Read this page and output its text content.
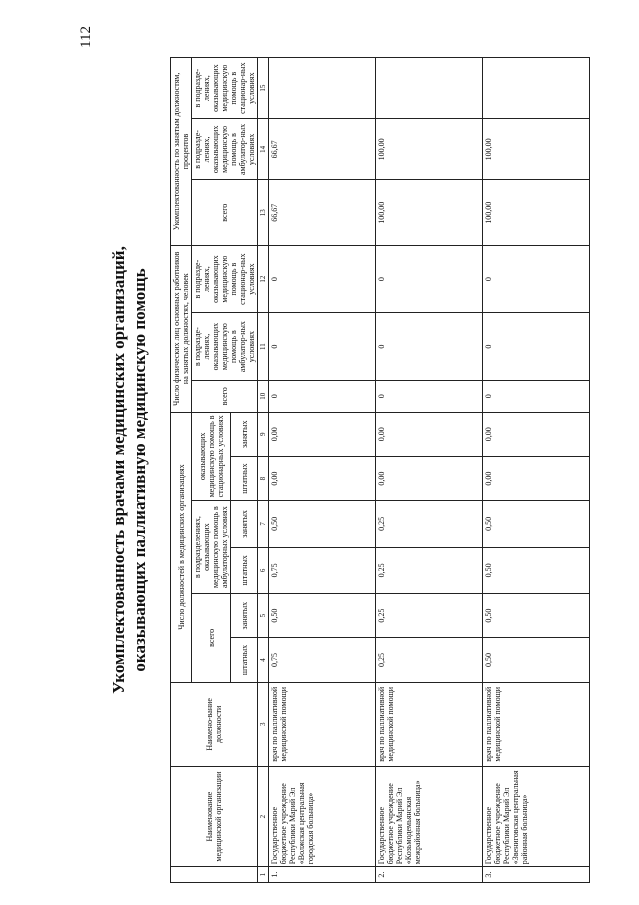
112
Укомплектованность врачами медицинских организаций, оказывающих паллиативную медицинскую помощь
	Наименование медицинской организации	Наимено-вание должности	Число должностей в медицинских организациях						Число физических лиц основных работников на занятых должностях, человек			Укомплектованность по занятым должностям, процентов		
			всего		в подразделениях, оказывающих медицинскую помощь в амбулаторных условиях		оказывающих медицинскую помощь в стационарных условиях		всего	в подразде-лениях, оказывающих медицинскую помощь в амбулатор-ных условиях	в подразде-лениях, оказывающих медицинскую помощь в стационар-ных условиях	всего	в подразде-лениях, оказывающих медицинскую помощь в амбулатор-ных условиях	в подразде-лениях, оказывающих медицинскую помощь в стационар-ных условиях

			штатных	занятых	штатных	занятых	штатных	занятых						
1	2	3	4	5	6	7	8	9	10	11	12	13	14	15
1.	Государственное бюджетное учреждение Республики Марий Эл «Волжская центральная городская больница»	врач по паллиативной медицинской помощи	0,75	0,50	0,75	0,50	0,00	0,00	0	0	0	66,67	66,67	
2.	Государственное бюджетное учреждение Республики Марий Эл «Козьмодемьянская межрайонная больница»	врач по паллиативной медицинской помощи	0,25	0,25	0,25	0,25	0,00	0,00	0	0	0	100,00	100,00	
3.	Государственное бюджетное учреждение Республики Марий Эл «Звениговская центральная районная больница»	врач по паллиативной медицинской помощи	0,50	0,50	0,50	0,50	0,00	0,00	0	0	0	100,00	100,00	
